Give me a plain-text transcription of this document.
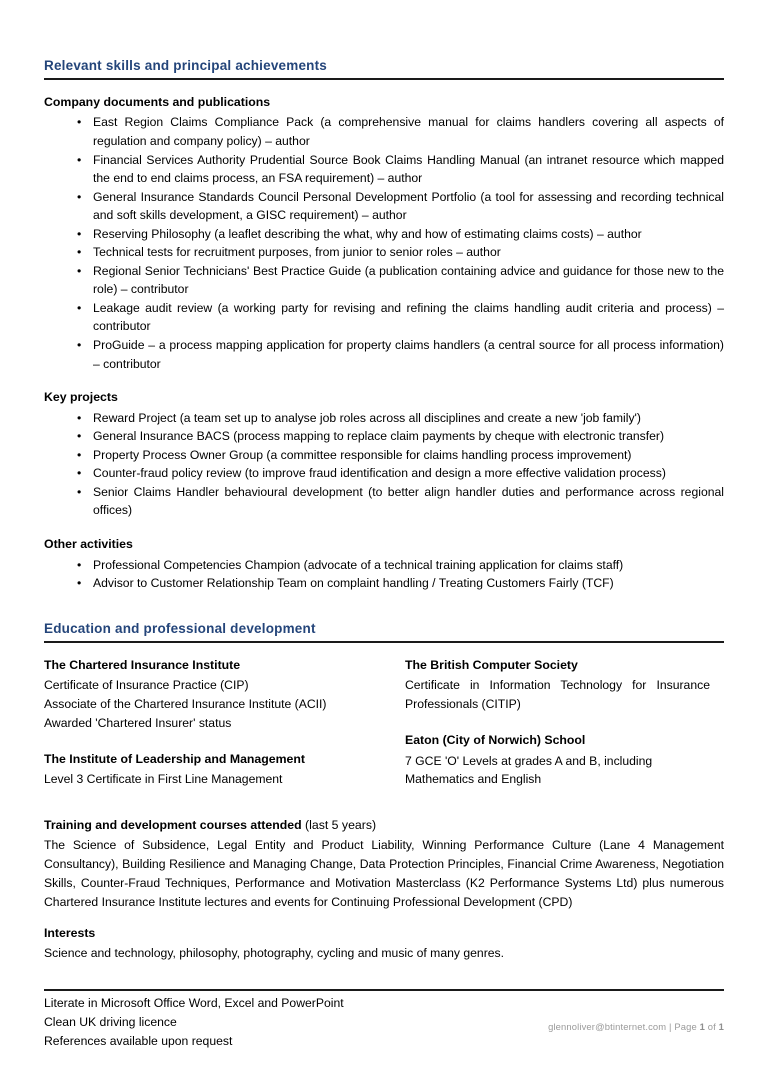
Relevant skills and principal achievements
Company documents and publications
• East Region Claims Compliance Pack (a comprehensive manual for claims handlers covering all aspects of regulation and company policy) – author
• Financial Services Authority Prudential Source Book Claims Handling Manual (an intranet resource which mapped the end to end claims process, an FSA requirement) – author
• General Insurance Standards Council Personal Development Portfolio (a tool for assessing and recording technical and soft skills development, a GISC requirement) – author
• Reserving Philosophy (a leaflet describing the what, why and how of estimating claims costs) – author
• Technical tests for recruitment purposes, from junior to senior roles – author
• Regional Senior Technicians' Best Practice Guide (a publication containing advice and guidance for those new to the role) – contributor
• Leakage audit review (a working party for revising and refining the claims handling audit criteria and process) – contributor
• ProGuide – a process mapping application for property claims handlers (a central source for all process information) – contributor
Key projects
• Reward Project (a team set up to analyse job roles across all disciplines and create a new 'job family')
• General Insurance BACS (process mapping to replace claim payments by cheque with electronic transfer)
• Property Process Owner Group (a committee responsible for claims handling process improvement)
• Counter-fraud policy review (to improve fraud identification and design a more effective validation process)
• Senior Claims Handler behavioural development (to better align handler duties and performance across regional offices)
Other activities
• Professional Competencies Champion (advocate of a technical training application for claims staff)
• Advisor to Customer Relationship Team on complaint handling / Treating Customers Fairly (TCF)
Education and professional development
The Chartered Insurance Institute
Certificate of Insurance Practice (CIP)
Associate of the Chartered Insurance Institute (ACII)
Awarded 'Chartered Insurer' status
The Institute of Leadership and Management
Level 3 Certificate in First Line Management
The British Computer Society
Certificate in Information Technology for Insurance Professionals (CITIP)
Eaton (City of Norwich) School
7 GCE 'O' Levels at grades A and B, including Mathematics and English
Training and development courses attended (last 5 years)

The Science of Subsidence, Legal Entity and Product Liability, Winning Performance Culture (Lane 4 Management Consultancy), Building Resilience and Managing Change, Data Protection Principles, Financial Crime Awareness, Negotiation Skills, Counter-Fraud Techniques, Performance and Motivation Masterclass (K2 Performance Systems Ltd) plus numerous Chartered Insurance Institute lectures and events for Continuing Professional Development (CPD)

Interests

Science and technology, philosophy, photography, cycling and music of many genres.

Literate in Microsoft Office Word, Excel and PowerPoint

Clean UK driving licence

References available upon request

glennoliver@btinternet.com | Page 1 of 1
